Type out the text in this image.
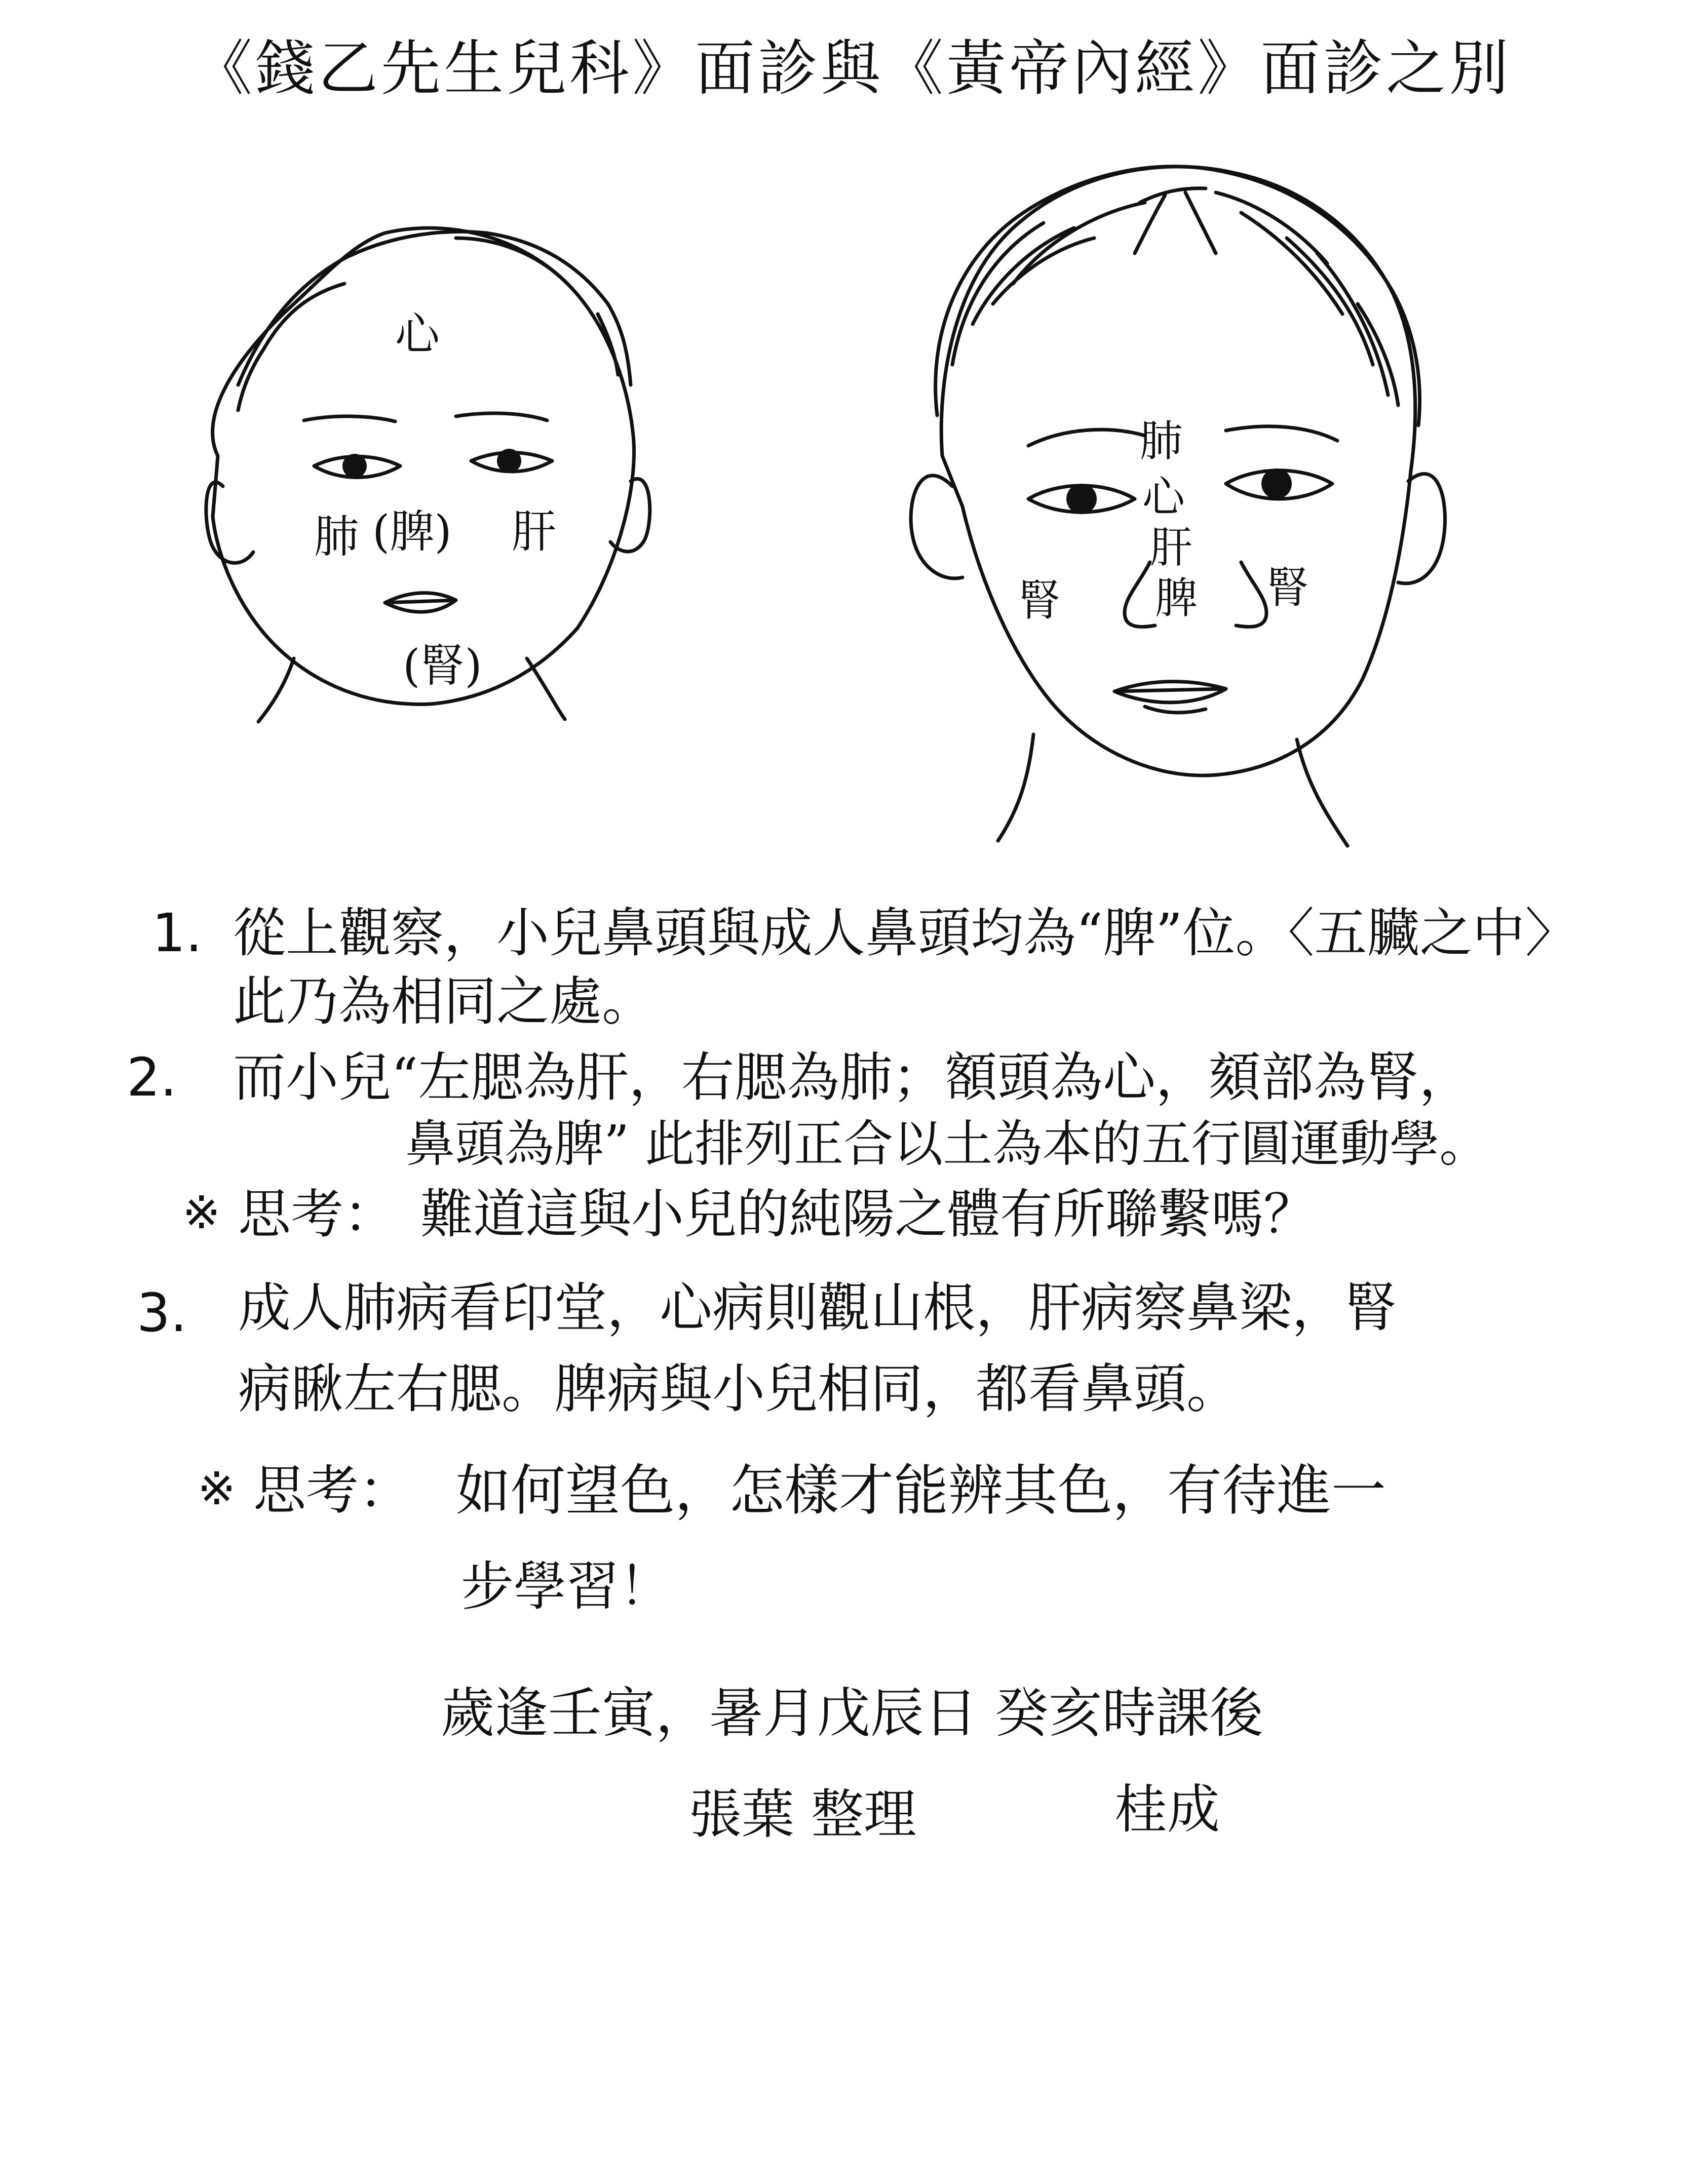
《錢乙先生兒科》面診與《黃帝內經》面診之別
心
肺 (脾) 肝
(腎)
肺
心
肝
脾
腎	腎
1. 從上觀察，小兒鼻頭與成人鼻頭均為“脾”位。〈五臟之中〉
此乃為相同之處。
2. 而小兒“左腮為肝，右腮為肺；額頭為心，頦部為腎，
鼻頭為脾” 此排列正合以土為本的五行圓運動學。
※ 思考： 難道這與小兒的純陽之體有所聯繫嗎？
3. 成人肺病看印堂，心病則觀山根，肝病察鼻梁，腎
病瞅左右腮。脾病與小兒相同，都看鼻頭。
※ 思考： 如何望色，怎樣才能辨其色，有待進一
步學習！
歲逢壬寅，暑月戊辰日 癸亥時課後
張葉 整理	桂成
